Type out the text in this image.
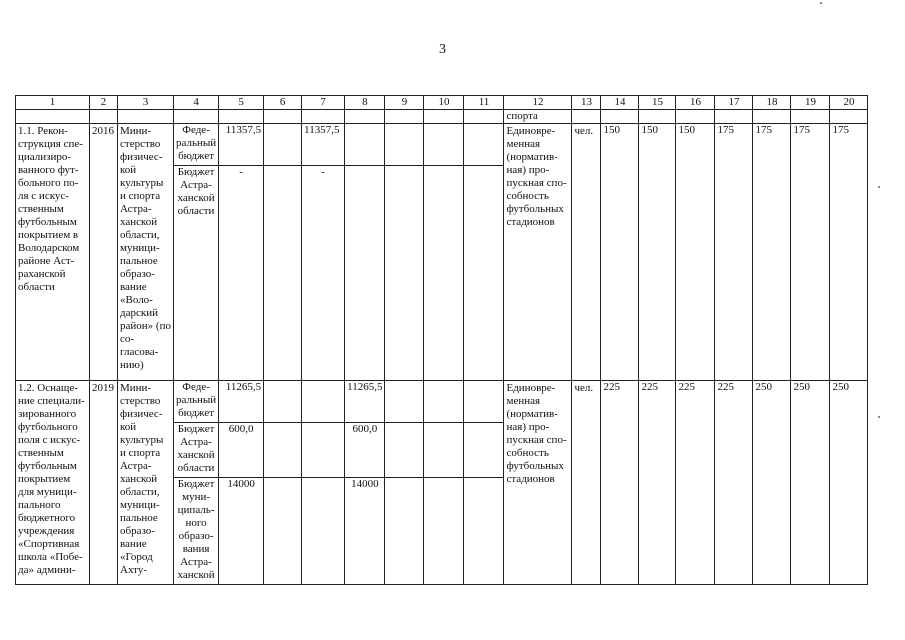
3
1	2	3	4	5	6	7	8	9	10	11	12	13	14	15	16	17	18	19	20
											спорта								
1.1. Рекон-струкция спе-циализиро-ванного фут-больного по-ля с искус-ственным футбольным покрытием в Володарском районе Аст-раханской области	2016	Мини-стерство физичес-кой культуры и спорта Астра-ханской области, муници-пальное образо-вание «Воло-дарский район» (по со-гласова-нию)	Феде-ральный бюджет	11357,5		11357,5					Единовре-менная (норматив-ная) про-пускная спо-собность футбольных стадионов	чел.	150	150	150	175	175	175	175
			Бюджет Астра-ханской области	-		-													
1.2. Оснаще-ние специали-зированного футбольного поля с искус-ственным футбольным покрытием для муници-пального бюджетного учреждения «Спортивная школа «Побе-да» админи-	2019	Мини-стерство физичес-кой культуры и спорта Астра-ханской области, муници-пальное образо-вание «Город Ахту-	Феде-ральный бюджет	11265,5			11265,5				Единовре-менная (норматив-ная) про-пускная спо-собность футбольных стадионов	чел.	225	225	225	225	250	250	250
			Бюджет Астра-ханской области	600,0			600,0												
			Бюджет муни-ципаль-ного образо-вания Астра-ханской	14000			14000												
